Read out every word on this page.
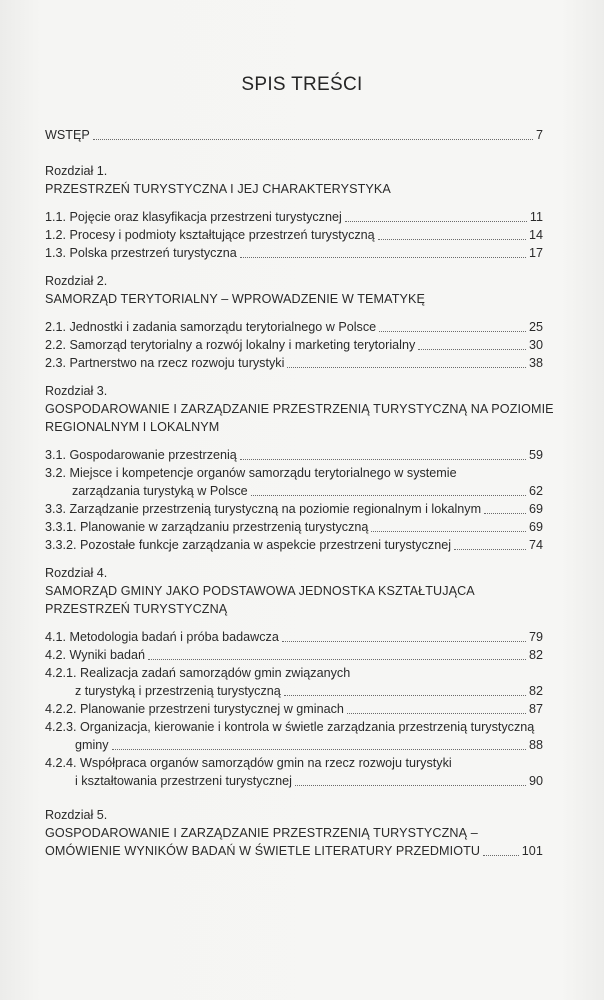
SPIS TREŚCI
WSTĘP	7
Rozdział 1.
PRZESTRZEŃ TURYSTYCZNA I JEJ CHARAKTERYSTYKA
1.1. Pojęcie oraz klasyfikacja przestrzeni turystycznej	11
1.2. Procesy i podmioty kształtujące przestrzeń turystyczną	14
1.3. Polska przestrzeń turystyczna	17
Rozdział 2.
SAMORZĄD TERYTORIALNY – WPROWADZENIE W TEMATYKĘ
2.1. Jednostki i zadania samorządu terytorialnego w Polsce	25
2.2. Samorząd terytorialny a rozwój lokalny i marketing terytorialny	30
2.3. Partnerstwo na rzecz rozwoju turystyki	38
Rozdział 3.
GOSPODAROWANIE I ZARZĄDZANIE PRZESTRZENIĄ TURYSTYCZNĄ NA POZIOMIE
REGIONALNYM I LOKALNYM
3.1. Gospodarowanie przestrzenią	59
3.2. Miejsce i kompetencje organów samorządu terytorialnego w systemie
zarządzania turystyką w Polsce	62
3.3. Zarządzanie przestrzenią turystyczną na poziomie regionalnym i lokalnym	69
3.3.1. Planowanie w zarządzaniu przestrzenią turystyczną	69
3.3.2. Pozostałe funkcje zarządzania w aspekcie przestrzeni turystycznej	74
Rozdział 4.
SAMORZĄD GMINY JAKO PODSTAWOWA JEDNOSTKA KSZTAŁTUJĄCA
PRZESTRZEŃ TURYSTYCZNĄ
4.1. Metodologia badań i próba badawcza	79
4.2. Wyniki badań	82
4.2.1. Realizacja zadań samorządów gmin związanych
z turystyką i przestrzenią turystyczną	82
4.2.2. Planowanie przestrzeni turystycznej w gminach	87
4.2.3. Organizacja, kierowanie i kontrola w świetle zarządzania przestrzenią turystyczną
gminy	88
4.2.4. Współpraca organów samorządów gmin na rzecz rozwoju turystyki
i kształtowania przestrzeni turystycznej	90
Rozdział 5.
GOSPODAROWANIE I ZARZĄDZANIE PRZESTRZENIĄ TURYSTYCZNĄ –
OMÓWIENIE WYNIKÓW BADAŃ W ŚWIETLE LITERATURY PRZEDMIOTU	101
